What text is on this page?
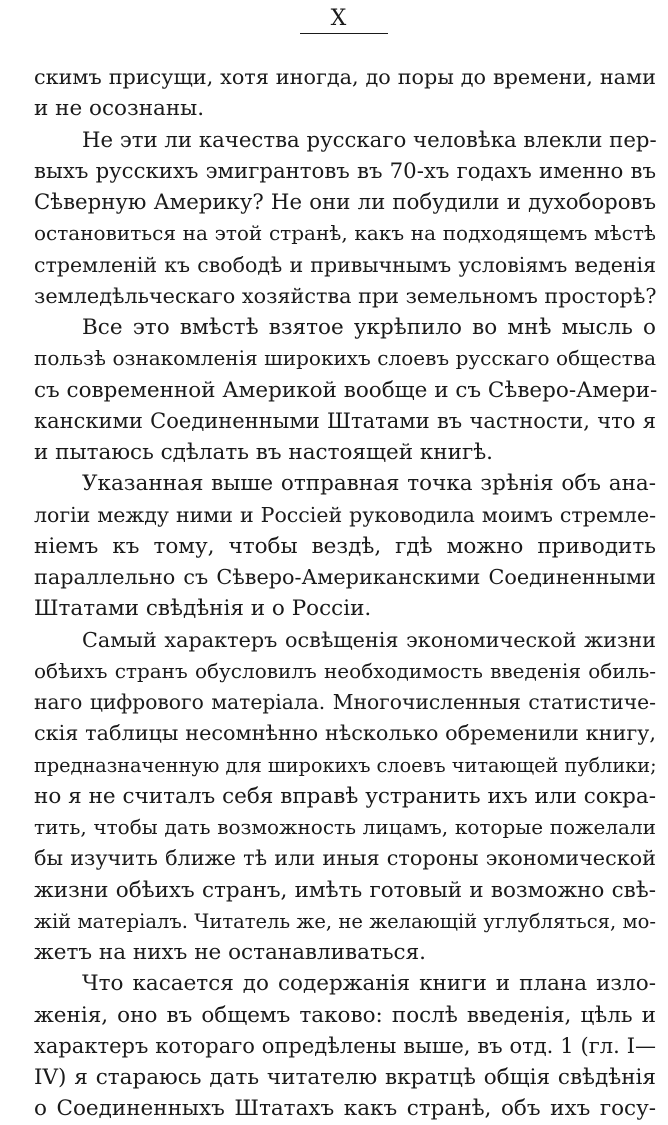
X
скимъ присущи, хотя иногда, до поры до времени, нами
и не осознаны.
Не эти ли качества русскаго человѣка влекли пер-
выхъ русскихъ эмигрантовъ въ 70-хъ годахъ именно въ
Сѣверную Америку? Не они ли побудили и духоборовъ
остановиться на этой странѣ, какъ на подходящемъ мѣстѣ
стремленій къ свободѣ и привычнымъ условіямъ веденія
земледѣльческаго хозяйства при земельномъ просторѣ?
Все это вмѣстѣ взятое укрѣпило во мнѣ мысль о
пользѣ ознакомленія широкихъ слоевъ русскаго общества
съ современной Америкой вообще и съ Сѣверо-Амери-
канскими Соединенными Штатами въ частности, что я
и пытаюсь сдѣлать въ настоящей книгѣ.
Указанная выше отправная точка зрѣнія объ ана-
логіи между ними и Россіей руководила моимъ стремле-
ніемъ къ тому, чтобы вездѣ, гдѣ можно приводить
параллельно съ Сѣверо-Американскими Соединенными
Штатами свѣдѣнія и о Россіи.
Самый характеръ освѣщенія экономической жизни
обѣихъ странъ обусловилъ необходимость введенія обиль-
наго цифрового матеріала. Многочисленныя статистиче-
скія таблицы несомнѣнно нѣсколько обременили книгу,
предназначенную для широкихъ слоевъ читающей публики;
но я не считалъ себя вправѣ устранить ихъ или сокра-
тить, чтобы дать возможность лицамъ, которые пожелали
бы изучить ближе тѣ или иныя стороны экономической
жизни обѣихъ странъ, имѣть готовый и возможно свѣ-
жій матеріалъ. Читатель же, не желающій углубляться, мо-
жетъ на нихъ не останавливаться.
Что касается до содержанія книги и плана изло-
женія, оно въ общемъ таково: послѣ введенія, цѣль и
характеръ котораго опредѣлены выше, въ отд. 1 (гл. I—
IV) я стараюсь дать читателю вкратцѣ общія свѣдѣнія
о Соединенныхъ Штатахъ какъ странѣ, объ ихъ госу-
